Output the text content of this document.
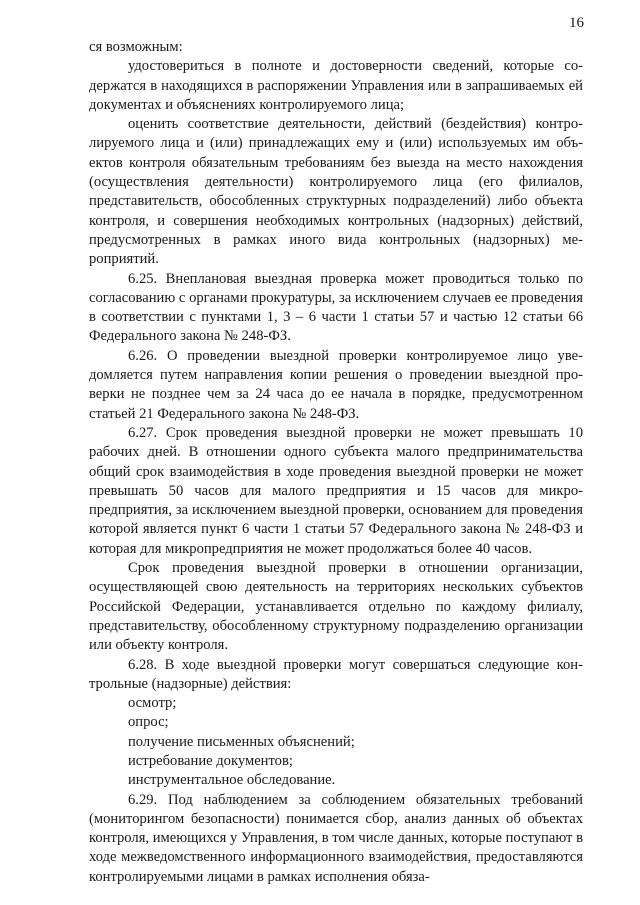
16

ся возможным:

удостовериться в полноте и достоверности сведений, которые содержатся в находящихся в распоряжении Управления или в запрашиваемых ей документах и объяснениях контролируемого лица;

оценить соответствие деятельности, действий (бездействия) контролируемого лица и (или) принадлежащих ему и (или) используемых им объектов контроля обязательным требованиям без выезда на место нахождения (осуществления деятельности) контролируемого лица (его филиалов, представительств, обособленных структурных подразделений) либо объекта контроля, и совершения необходимых контрольных (надзорных) действий, предусмотренных в рамках иного вида контрольных (надзорных) мероприятий.

6.25. Внеплановая выездная проверка может проводиться только по согласованию с органами прокуратуры, за исключением случаев ее проведения в соответствии с пунктами 1, 3 – 6 части 1 статьи 57 и частью 12 статьи 66 Федерального закона № 248-ФЗ.

6.26. О проведении выездной проверки контролируемое лицо уведомляется путем направления копии решения о проведении выездной проверки не позднее чем за 24 часа до ее начала в порядке, предусмотренном статьей 21 Федерального закона № 248-ФЗ.

6.27. Срок проведения выездной проверки не может превышать 10 рабочих дней. В отношении одного субъекта малого предпринимательства общий срок взаимодействия в ходе проведения выездной проверки не может превышать 50 часов для малого предприятия и 15 часов для микропредприятия, за исключением выездной проверки, основанием для проведения которой является пункт 6 части 1 статьи 57 Федерального закона № 248-ФЗ и которая для микропредприятия не может продолжаться более 40 часов.

Срок проведения выездной проверки в отношении организации, осуществляющей свою деятельность на территориях нескольких субъектов Российской Федерации, устанавливается отдельно по каждому филиалу, представительству, обособленному структурному подразделению организации или объекту контроля.

6.28. В ходе выездной проверки могут совершаться следующие контрольные (надзорные) действия:

осмотр;

опрос;

получение письменных объяснений;

истребование документов;

инструментальное обследование.

6.29. Под наблюдением за соблюдением обязательных требований (мониторингом безопасности) понимается сбор, анализ данных об объектах контроля, имеющихся у Управления, в том числе данных, которые поступают в ходе межведомственного информационного взаимодействия, предоставляются контролируемыми лицами в рамках исполнения обяза-
